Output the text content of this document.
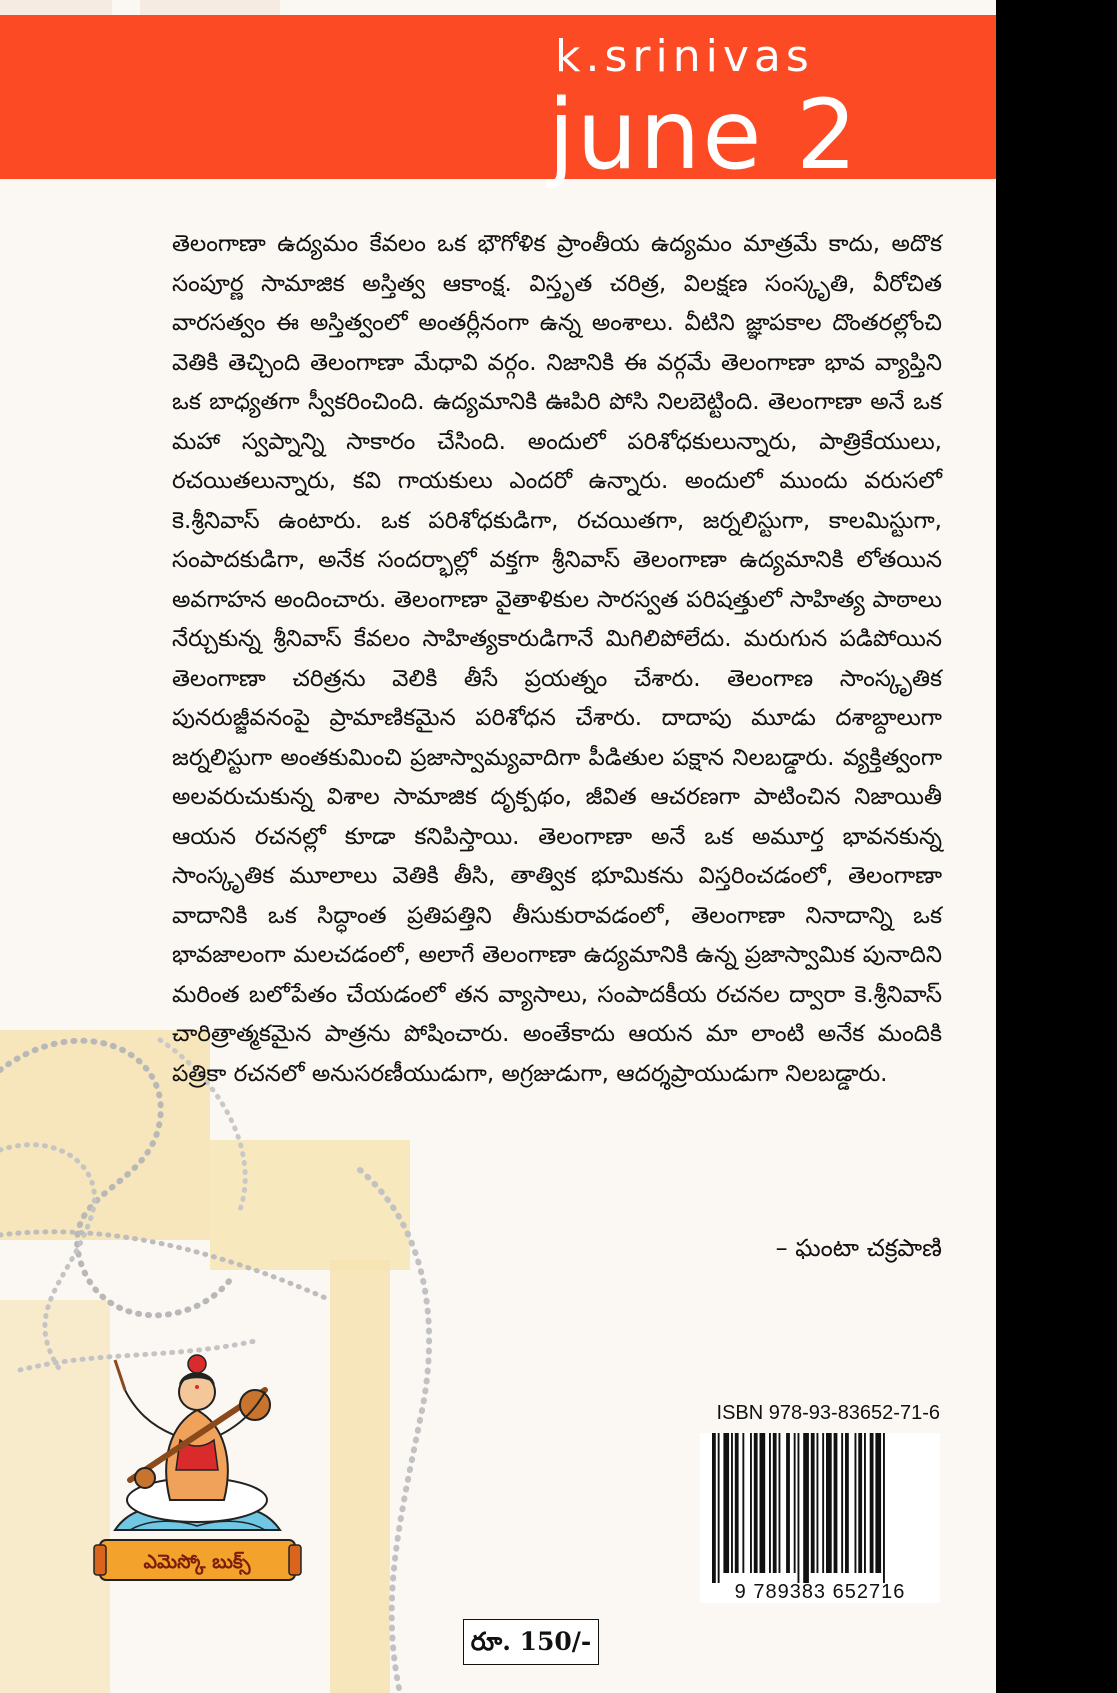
k.srinivas
june 2

తెలంగాణా ఉద్యమం కేవలం ఒక భౌగోళిక ప్రాంతీయ ఉద్యమం మాత్రమే కాదు, అదొక సంపూర్ణ సామాజిక అస్తిత్వ ఆకాంక్ష. విస్తృత చరిత్ర, విలక్షణ సంస్కృతి, వీరోచిత వారసత్వం ఈ అస్తిత్వంలో అంతర్లీనంగా ఉన్న అంశాలు. వీటిని జ్ఞాపకాల దొంతరల్లోంచి వెతికి తెచ్చింది తెలంగాణా మేధావి వర్గం. నిజానికి ఈ వర్గమే తెలంగాణా భావ వ్యాప్తిని ఒక బాధ్యతగా స్వీకరించింది. ఉద్యమానికి ఊపిరి పోసి నిలబెట్టింది. తెలంగాణా అనే ఒక మహా స్వప్నాన్ని సాకారం చేసింది. అందులో పరిశోధకులున్నారు, పాత్రికేయులు, రచయితలున్నారు, కవి గాయకులు ఎందరో ఉన్నారు. అందులో ముందు వరుసలో కె.శ్రీనివాస్ ఉంటారు. ఒక పరిశోధకుడిగా, రచయితగా, జర్నలిస్టుగా, కాలమిస్టుగా, సంపాదకుడిగా, అనేక సందర్భాల్లో వక్తగా శ్రీనివాస్ తెలంగాణా ఉద్యమానికి లోతయిన అవగాహన అందించారు. తెలంగాణా వైతాళికుల సారస్వత పరిషత్తులో సాహిత్య పాఠాలు నేర్చుకున్న శ్రీనివాస్ కేవలం సాహిత్యకారుడిగానే మిగిలిపోలేదు. మరుగున పడిపోయిన తెలంగాణా చరిత్రను వెలికి తీసే ప్రయత్నం చేశారు. తెలంగాణ సాంస్కృతిక పునరుజ్జీవనంపై ప్రామాణికమైన పరిశోధన చేశారు. దాదాపు మూడు దశాబ్దాలుగా జర్నలిస్టుగా అంతకుమించి ప్రజాస్వామ్యవాదిగా పీడితుల పక్షాన నిలబడ్డారు. వ్యక్తిత్వంగా అలవరుచుకున్న విశాల సామాజిక దృక్పథం, జీవిత ఆచరణగా పాటించిన నిజాయితీ ఆయన రచనల్లో కూడా కనిపిస్తాయి. తెలంగాణా అనే ఒక అమూర్త భావనకున్న సాంస్కృతిక మూలాలు వెతికి తీసి, తాత్విక భూమికను విస్తరించడంలో, తెలంగాణా వాదానికి ఒక సిద్ధాంత ప్రతిపత్తిని తీసుకురావడంలో, తెలంగాణా నినాదాన్ని ఒక భావజాలంగా మలచడంలో, అలాగే తెలంగాణా ఉద్యమానికి ఉన్న ప్రజాస్వామిక పునాదిని మరింత బలోపేతం చేయడంలో తన వ్యాసాలు, సంపాదకీయ రచనల ద్వారా కె.శ్రీనివాస్ చారిత్రాత్మకమైన పాత్రను పోషించారు. అంతేకాదు ఆయన మా లాంటి అనేక మందికి పత్రికా రచనలో అనుసరణీయుడుగా, అగ్రజుడుగా, ఆదర్శప్రాయుడుగా నిలబడ్డారు.

– ఘంటా చక్రపాణి
ఎమెస్కో బుక్స్
ISBN 978-93-83652-71-6
9 789383 652716
రూ. 150/-
